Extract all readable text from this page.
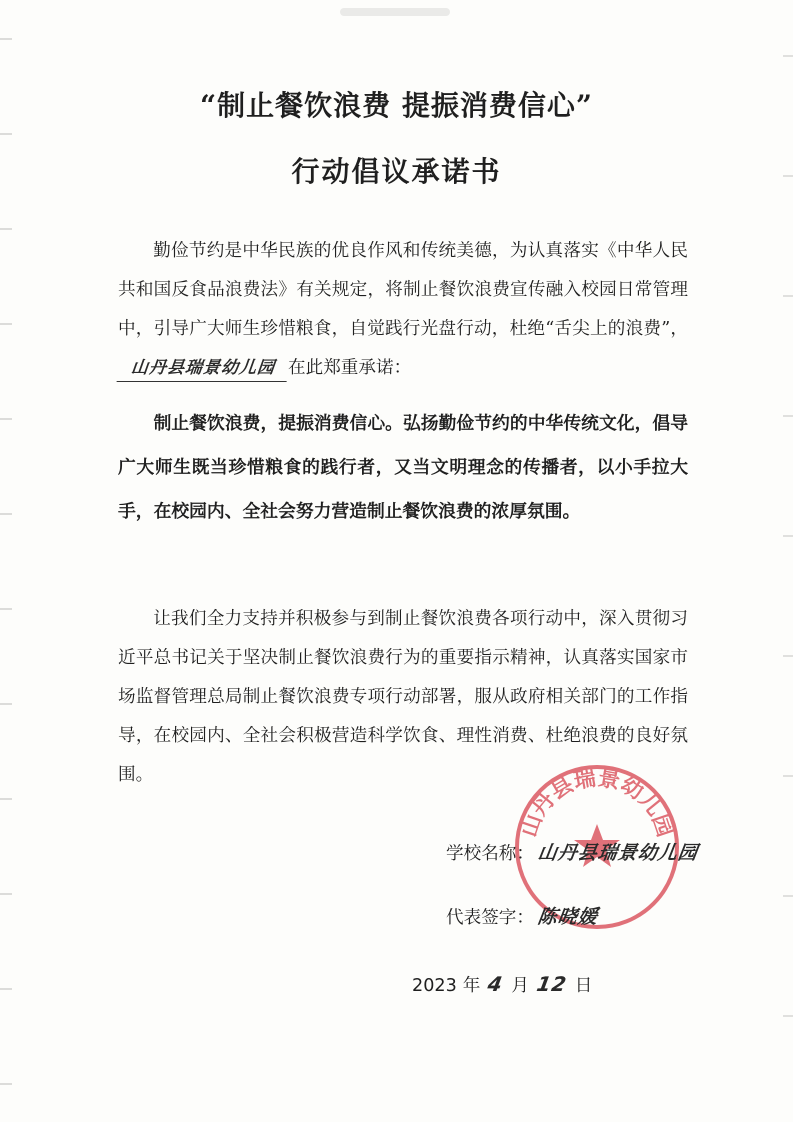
“制止餐饮浪费 提振消费信心”
行动倡议承诺书
勤俭节约是中华民族的优良作风和传统美德，为认真落实《中华人民共和国反食品浪费法》有关规定，将制止餐饮浪费宣传融入校园日常管理中，引导广大师生珍惜粮食，自觉践行光盘行动，杜绝“舌尖上的浪费”，山丹县瑞景幼儿园 在此郑重承诺：
制止餐饮浪费，提振消费信心。弘扬勤俭节约的中华传统文化，倡导广大师生既当珍惜粮食的践行者，又当文明理念的传播者，以小手拉大手，在校园内、全社会努力营造制止餐饮浪费的浓厚氛围。
让我们全力支持并积极参与到制止餐饮浪费各项行动中，深入贯彻习近平总书记关于坚决制止餐饮浪费行为的重要指示精神，认真落实国家市场监督管理总局制止餐饮浪费专项行动部署，服从政府相关部门的工作指导，在校园内、全社会积极营造科学饮食、理性消费、杜绝浪费的良好氛围。
山丹县瑞景幼儿园
学校名称： 山丹县瑞景幼儿园
代表签字： 陈晓媛
2023 年 4 月 12 日
